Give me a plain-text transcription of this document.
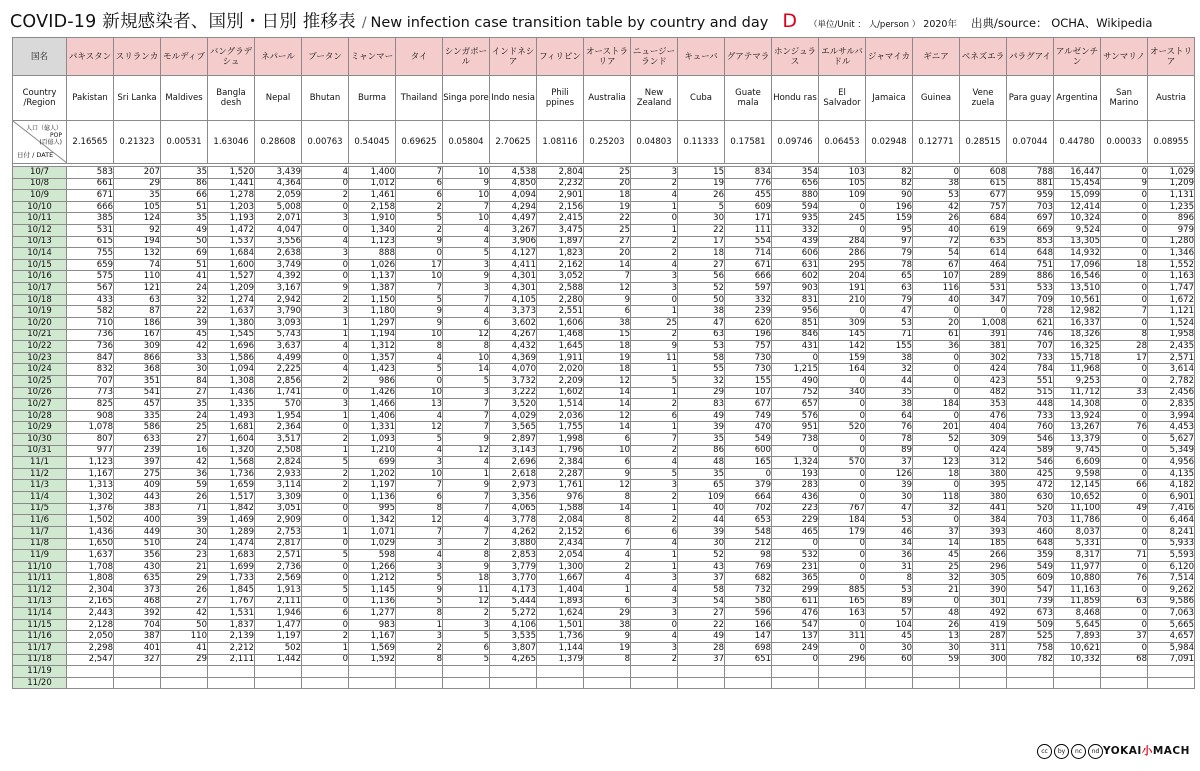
COVID-19 新規感染者、国別・日別 推移表 / New infection case transition table by country and day D （単位/Unit ： 人/person ） 2020年 出典/source： OCHA、Wikipedia
国名	パキスタン	スリランカ	モルディブ	バングラデシュ	ネパール	ブータン	ミャンマー	タイ	シンガポール	インドネシア	フィリピン	オーストラリア	ニュージーランド	キューバ	グアテマラ	ホンジュラス	エルサルバドル	ジャマイカ	ギニア	ベネズエラ	パラグアイ	アルゼンチン	サンマリノ	オーストリア
Country /Region	Pakistan	Sri Lanka	Maldives	Bangla desh	Nepal	Bhutan	Burma	Thailand	Singa pore	Indo nesia	Phili ppines	Australia	New Zealand	Cuba	Guate mala	Hondu ras	El Salvador	Jamaica	Guinea	Vene zuela	Para guay	Argentina	San Marino	Austria

人口（億人）
POP
(百億人)
日付 / DATE	2.16565	0.21323	0.00531	1.63046	0.28608	0.00763	0.54045	0.69625	0.05804	2.70625	1.08116	0.25203	0.04803	0.11333	0.17581	0.09746	0.06453	0.02948	0.12771	0.28515	0.07044	0.44780	0.00033	0.08955

10/7	583	207	35	1,520	3,439	4	1,400	7	10	4,538	2,804	25	3	15	834	354	103	82	0	608	788	16,447	0	1,029
10/8	661	29	86	1,441	4,364	0	1,012	6	9	4,850	2,232	20	2	19	776	656	105	82	38	615	881	15,454	9	1,209
10/9	671	35	66	1,278	2,059	2	1,461	6	10	4,094	2,901	18	4	26	455	880	109	90	53	677	959	15,099	0	1,131
10/10	666	105	51	1,203	5,008	0	2,158	2	7	4,294	2,156	19	1	5	609	594	0	196	42	757	703	12,414	0	1,235
10/11	385	124	35	1,193	2,071	3	1,910	5	10	4,497	2,415	22	0	30	171	935	245	159	26	684	697	10,324	0	896
10/12	531	92	49	1,472	4,047	0	1,340	2	4	3,267	3,475	25	1	22	111	332	0	95	40	619	669	9,524	0	979
10/13	615	194	50	1,537	3,556	4	1,123	9	4	3,906	1,897	27	2	17	554	439	284	97	72	635	853	13,305	0	1,280
10/14	755	132	69	1,684	2,638	3	888	0	5	4,127	1,823	20	2	18	714	606	286	79	54	614	648	14,932	0	1,346
10/15	659	74	51	1,600	3,749	0	1,026	17	3	4,411	2,162	14	4	27	671	631	295	78	67	464	751	17,096	18	1,552
10/16	575	110	41	1,527	4,392	0	1,137	10	9	4,301	3,052	7	3	56	666	602	204	65	107	289	886	16,546	0	1,163
10/17	567	121	24	1,209	3,167	9	1,387	7	3	4,301	2,588	12	3	52	597	903	191	63	116	531	533	13,510	0	1,747
10/18	433	63	32	1,274	2,942	2	1,150	5	7	4,105	2,280	9	0	50	332	831	210	79	40	347	709	10,561	0	1,672
10/19	582	87	22	1,637	3,790	3	1,180	9	4	3,373	2,551	6	1	38	239	956	0	47	0	0	728	12,982	7	1,121
10/20	710	186	39	1,380	3,093	1	1,297	9	6	3,602	1,606	38	25	47	620	851	309	53	20	1,008	621	16,337	0	1,524
10/21	736	167	45	1,545	5,743	1	1,194	10	12	4,267	1,468	15	2	63	196	846	145	71	61	391	746	18,326	8	1,958
10/22	736	309	42	1,696	3,637	4	1,312	8	8	4,432	1,645	18	9	53	757	431	142	155	36	381	707	16,325	28	2,435
10/23	847	866	33	1,586	4,499	0	1,357	4	10	4,369	1,911	19	11	58	730	0	159	38	0	302	733	15,718	17	2,571
10/24	832	368	30	1,094	2,225	4	1,423	5	14	4,070	2,020	18	1	55	730	1,215	164	32	0	424	784	11,968	0	3,614
10/25	707	351	84	1,308	2,856	2	986	0	5	3,732	2,209	12	5	32	155	490	0	44	0	423	551	9,253	0	2,782
10/26	773	541	27	1,436	1,741	0	1,426	10	3	3,222	1,602	14	1	29	107	752	340	35	0	482	515	11,712	33	2,456
10/27	825	457	35	1,335	570	3	1,466	13	7	3,520	1,514	14	2	83	677	657	0	38	184	353	448	14,308	0	2,835
10/28	908	335	24	1,493	1,954	1	1,406	4	7	4,029	2,036	12	6	49	749	576	0	64	0	476	733	13,924	0	3,994
10/29	1,078	586	25	1,681	2,364	0	1,331	12	7	3,565	1,755	14	1	39	470	951	520	76	201	404	760	13,267	76	4,453
10/30	807	633	27	1,604	3,517	2	1,093	5	9	2,897	1,998	6	7	35	549	738	0	78	52	309	546	13,379	0	5,627
10/31	977	239	16	1,320	2,508	1	1,210	4	12	3,143	1,796	10	2	86	600	0	0	89	0	424	589	9,745	0	5,349
11/1	1,123	397	42	1,568	2,824	5	699	3	4	2,696	2,384	6	4	48	165	1,324	570	37	123	312	546	6,609	0	4,956
11/2	1,167	275	36	1,736	2,933	2	1,202	10	1	2,618	2,287	9	5	35	0	193	0	126	18	380	425	9,598	0	4,135
11/3	1,313	409	59	1,659	3,114	2	1,197	7	9	2,973	1,761	12	3	65	379	283	0	39	0	395	472	12,145	66	4,182
11/4	1,302	443	26	1,517	3,309	0	1,136	6	7	3,356	976	8	2	109	664	436	0	30	118	380	630	10,652	0	6,901
11/5	1,376	383	71	1,842	3,051	0	995	8	7	4,065	1,588	14	1	40	702	223	767	47	32	441	520	11,100	49	7,416
11/6	1,502	400	39	1,469	2,909	0	1,342	12	4	3,778	2,084	8	2	44	653	229	184	53	0	384	703	11,786	0	6,464
11/7	1,436	449	30	1,289	2,753	1	1,071	7	7	4,262	2,152	6	6	39	548	465	179	46	37	393	460	8,037	0	8,241
11/8	1,650	510	24	1,474	2,817	0	1,029	3	2	3,880	2,434	7	4	30	212	0	0	34	14	185	648	5,331	0	5,933
11/9	1,637	356	23	1,683	2,571	5	598	4	8	2,853	2,054	4	1	52	98	532	0	36	45	266	359	8,317	71	5,593
11/10	1,708	430	21	1,699	2,736	0	1,266	3	9	3,779	1,300	2	1	43	769	231	0	31	25	296	549	11,977	0	6,120
11/11	1,808	635	29	1,733	2,569	0	1,212	5	18	3,770	1,667	4	3	37	682	365	0	8	32	305	609	10,880	76	7,514
11/12	2,304	373	26	1,845	1,913	5	1,145	9	11	4,173	1,404	1	4	58	732	299	885	53	21	390	547	11,163	0	9,262
11/13	2,165	468	27	1,767	2,111	0	1,136	5	12	5,444	1,893	6	3	54	580	611	165	89	0	301	739	11,859	63	9,586
11/14	2,443	392	42	1,531	1,946	6	1,277	8	2	5,272	1,624	29	3	27	596	476	163	57	48	492	673	8,468	0	7,063
11/15	2,128	704	50	1,837	1,477	0	983	1	3	4,106	1,501	38	0	22	166	547	0	104	26	419	509	5,645	0	5,665
11/16	2,050	387	110	2,139	1,197	2	1,167	3	5	3,535	1,736	9	4	49	147	137	311	45	13	287	525	7,893	37	4,657
11/17	2,298	401	41	2,212	502	1	1,569	2	6	3,807	1,144	19	3	28	698	249	0	30	30	311	758	10,621	0	5,984
11/18	2,547	327	29	2,111	1,442	0	1,592	8	5	4,265	1,379	8	2	37	651	0	296	60	59	300	782	10,332	68	7,091
11/19																								
11/20																								
cc	by	nc	nd YOKAI小MACH
